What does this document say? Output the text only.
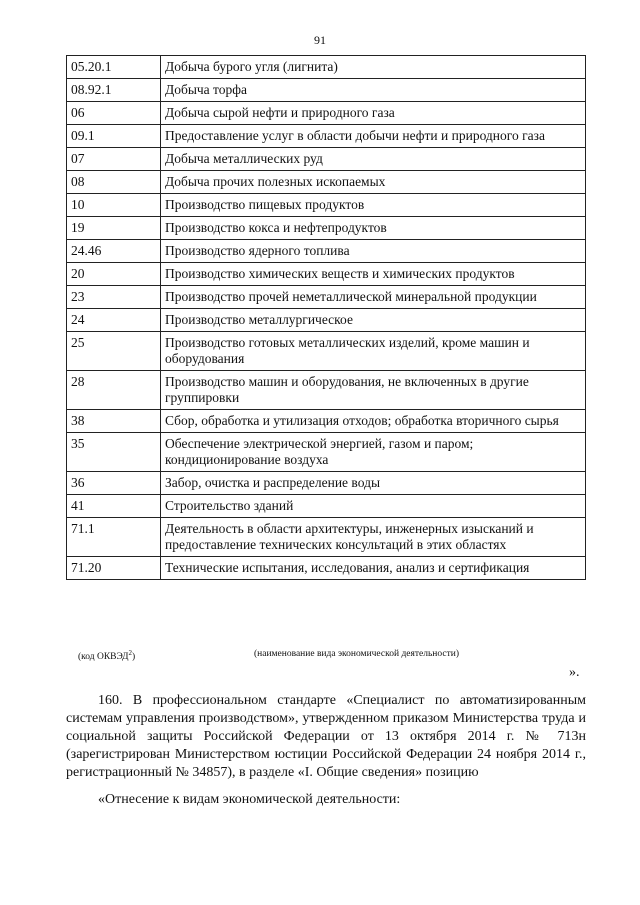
91
05.20.1	Добыча бурого угля (лигнита)
08.92.1	Добыча торфа
06	Добыча сырой нефти и природного газа
09.1	Предоставление услуг в области добычи нефти и природного газа
07	Добыча металлических руд
08	Добыча прочих полезных ископаемых
10	Производство пищевых продуктов
19	Производство кокса и нефтепродуктов
24.46	Производство ядерного топлива
20	Производство химических веществ и химических продуктов
23	Производство прочей неметаллической минеральной продукции
24	Производство металлургическое
25	Производство готовых металлических изделий, кроме машин и оборудования
28	Производство машин и оборудования, не включенных в другие группировки
38	Сбор, обработка и утилизация отходов; обработка вторичного сырья
35	Обеспечение электрической энергией, газом и паром; кондиционирование воздуха
36	Забор, очистка и распределение воды
41	Строительство зданий
71.1	Деятельность в области архитектуры, инженерных изысканий и предоставление технических консультаций в этих областях
71.20	Технические испытания, исследования, анализ и сертификация
(код ОКВЭД$^2$)	(наименование вида экономической деятельности)
».

160. В профессиональном стандарте «Специалист по автоматизированным системам управления производством», утвержденном приказом Министерства труда и социальной защиты Российской Федерации от 13 октября 2014 г. № 713н (зарегистрирован Министерством юстиции Российской Федерации 24 ноября 2014 г., регистрационный № 34857), в разделе «I. Общие сведения» позицию

«Отнесение к видам экономической деятельности:
